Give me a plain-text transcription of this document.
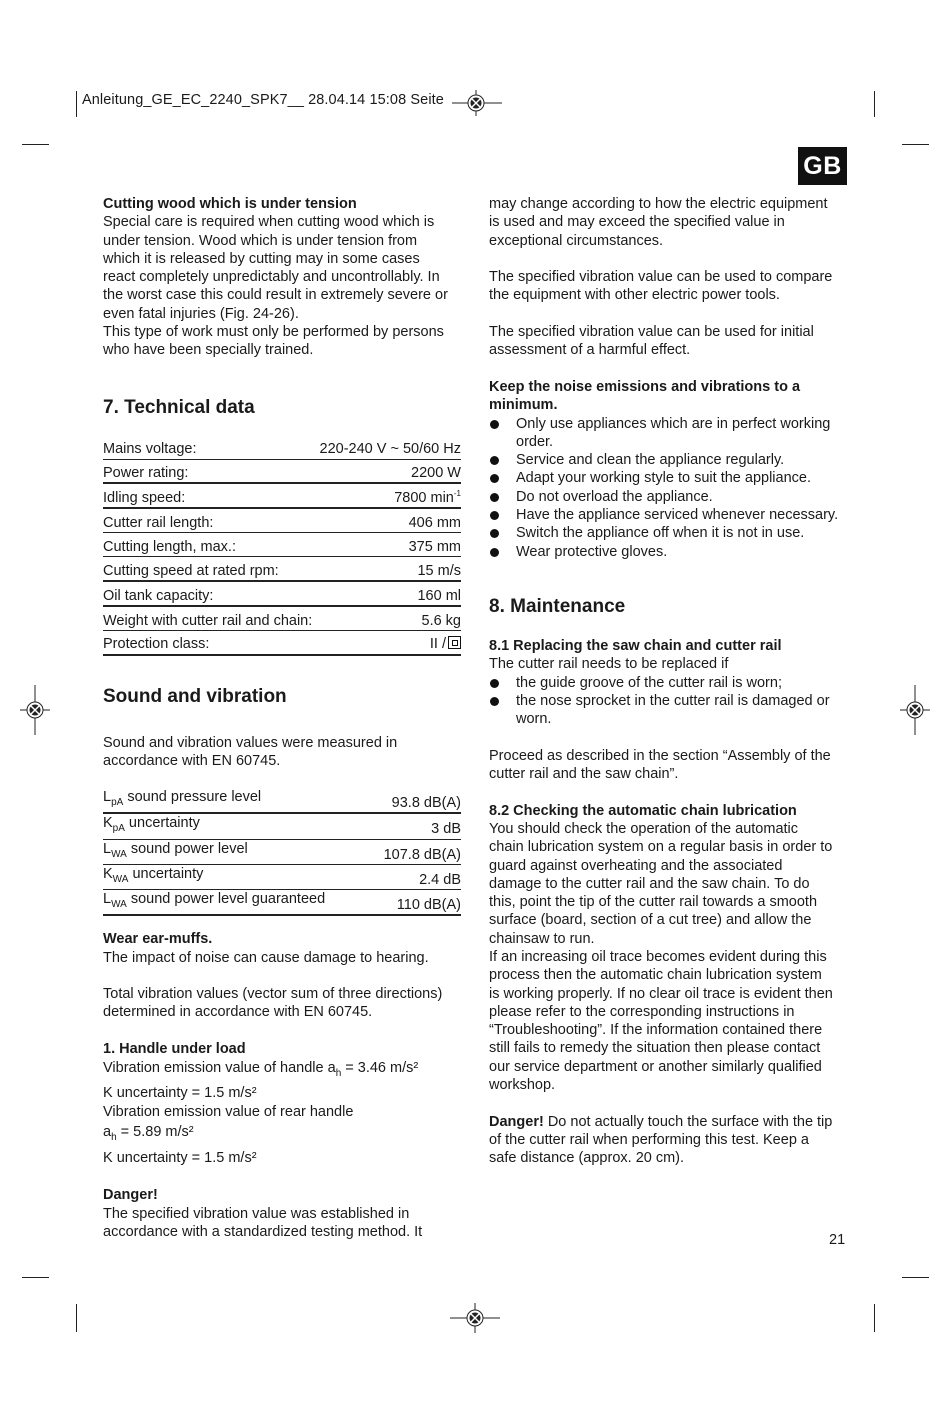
Anleitung_GE_EC_2240_SPK7__ 28.04.14 15:08 Seite
GB

Cutting wood which is under tension

Special care is required when cutting wood which is

under tension. Wood which is under tension from

which it is released by cutting may in some cases

react completely unpredictably and uncontrollably. In

the worst case this could result in extremely severe or

even fatal injuries (Fig. 24-26).

This type of work must only be performed by persons

who have been specially trained.

7. Technical data

Mains voltage:	220-240 V ~ 50/60 Hz
Power rating:	2200 W
Idling speed:	7800 $\min^{-1}$
Cutter rail length:	406 mm
Cutting length, max.:	375 mm
Cutting speed at rated rpm:	15 m/s
Oil tank capacity:	160 ml
Weight with cutter rail and chain:	5.6 kg
Protection class:	II /

Sound and vibration

Sound and vibration values were measured in

accordance with EN 60745.

$L_{pA}$ sound pressure level	93.8 dB(A)
$K_{pA}$ uncertainty	3 dB
$L_{WA}$ sound power level	107.8 dB(A)
$K_{WA}$ uncertainty	2.4 dB
$L_{WA}$ sound power level guaranteed	110 dB(A)

Wear ear-muffs.

The impact of noise can cause damage to hearing.

Total vibration values (vector sum of three directions)

determined in accordance with EN 60745.

1. Handle under load

Vibration emission value of handle $a_h = 3.46$ m/s²

K uncertainty = 1.5 m/s²

Vibration emission value of rear handle

$a_h = 5.89$ m/s²

K uncertainty = 1.5 m/s²

Danger!

The specified vibration value was established in

accordance with a standardized testing method. It

may change according to how the electric equipment

is used and may exceed the specified value in

exceptional circumstances.

The specified vibration value can be used to compare

the equipment with other electric power tools.

The specified vibration value can be used for initial

assessment of a harmful effect.

Keep the noise emissions and vibrations to a

minimum.

Only use appliances which are in perfect working order.
Service and clean the appliance regularly.
Adapt your working style to suit the appliance.
Do not overload the appliance.
Have the appliance serviced whenever necessary.
Switch the appliance off when it is not in use.
Wear protective gloves.

8. Maintenance

8.1 Replacing the saw chain and cutter rail

The cutter rail needs to be replaced if

the guide groove of the cutter rail is worn;
the nose sprocket in the cutter rail is damaged or worn.

Proceed as described in the section “Assembly of the

cutter rail and the saw chain”.

8.2 Checking the automatic chain lubrication

You should check the operation of the automatic

chain lubrication system on a regular basis in order to

guard against overheating and the associated

damage to the cutter rail and the saw chain. To do

this, point the tip of the cutter rail towards a smooth

surface (board, section of a cut tree) and allow the

chainsaw to run.

If an increasing oil trace becomes evident during this

process then the automatic chain lubrication system

is working properly. If no clear oil trace is evident then

please refer to the corresponding instructions in

“Troubleshooting”. If the information contained there

still fails to remedy the situation then please contact

our service department or another similarly qualified

workshop.

Danger! Do not actually touch the surface with the tip

of the cutter rail when performing this test. Keep a

safe distance (approx. 20 cm).

21
